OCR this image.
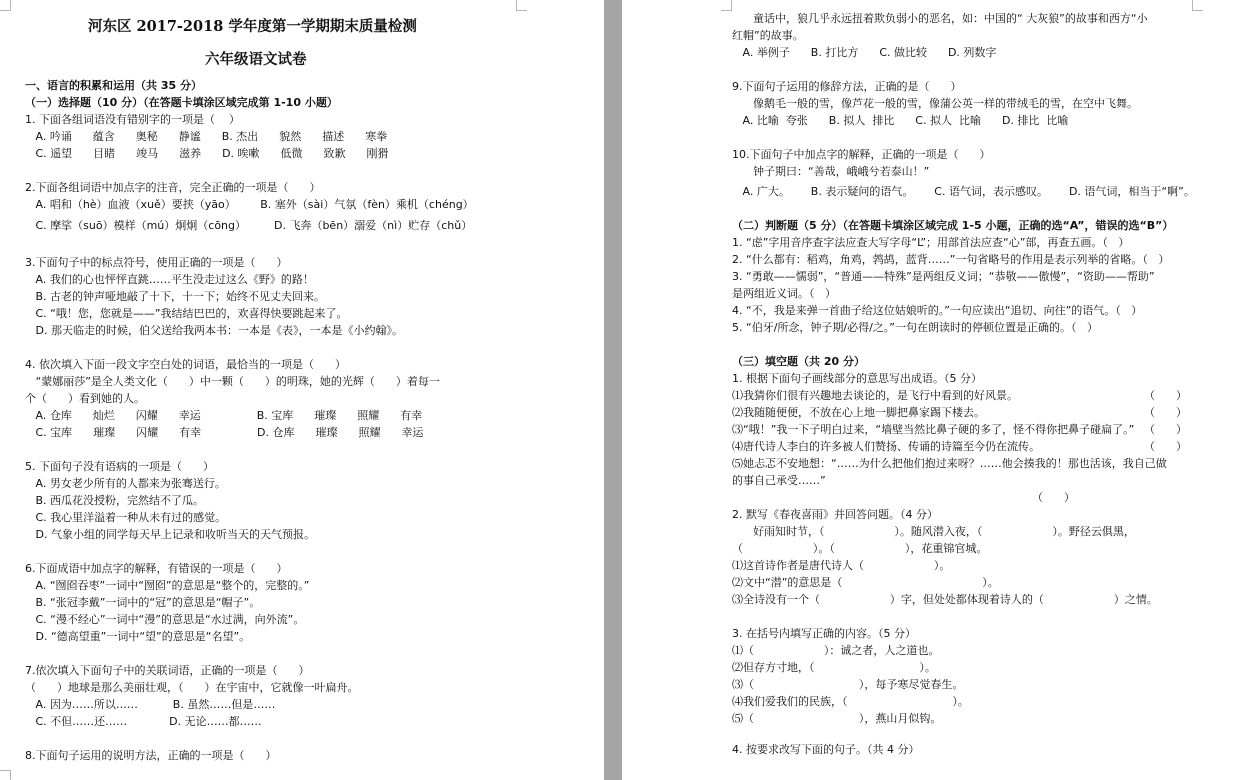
河东区 2017-2018 学年度第一学期期末质量检测
六年级语文试卷
一、语言的积累和运用（共 35 分）
（一）选择题（10 分）（在答题卡填涂区域完成第 1-10 小题）
1. 下面各组词语没有错别字的一项是（    ）
A. 吟诵      蕴含      奥秘      静谧      B. 杰出      貌然      描述      寒拳
C. 遥望      目睹      竣马      滋养      D. 唉嗽      低微      致歉      刚猾
2.下面各组词语中加点字的注音，完全正确的一项是（      ）
A. 唱和（hè）血液（xuě）要挟（yāo）       B. 塞外（sài）气氛（fèn）乘机（chéng）
C. 摩挲（suō）模样（mú）炯炯（cōng）        D. 飞奔（bēn）溺爱（nì）贮存（chǔ）
3.下面句子中的标点符号，使用正确的一项是（      ）
A. 我们的心也怦怦直跳……平生没走过这么《野》的路！
B. 古老的钟声哑地敲了十下，十一下；始终不见丈夫回来。
C. “哦！您，您就是——”我结结巴巴的，欢喜得快要跳起来了。
D. 那天临走的时候，伯父送给我两本书：一本是《表》，一本是《小约翰》。
4. 依次填入下面一段文字空白处的词语，最恰当的一项是（      ）
“蒙娜丽莎”是全人类文化（      ）中一颗（      ）的明珠，她的光辉（      ）着每一
个（      ）看到她的人。
A. 仓库      灿烂      闪耀      幸运                B. 宝库      璀璨      照耀      有幸
C. 宝库      璀璨      闪耀      有幸                D. 仓库      璀璨      照耀      幸运
5. 下面句子没有语病的一项是（      ）
A. 男女老少所有的人都来为张骞送行。
B. 西瓜花没授粉，完然结不了瓜。
C. 我心里洋溢着一种从未有过的感觉。
D. 气象小组的同学每天早上记录和收听当天的天气预报。
6.下面成语中加点字的解释，有错误的一项是（      ）
A. “囫囵吞枣”一词中“囫囵”的意思是“整个的，完整的。”
B. “张冠李戴”一词中的“冠”的意思是“帽子”。
C. “漫不经心”一词中“漫”的意思是“水过满，向外流”。
D. “德高望重”一词中“望”的意思是“名望”。
7.依次填入下面句子中的关联词语，正确的一项是（      ）
（      ）地球是那么美丽壮观，（      ）在宇宙中，它就像一叶扁舟。
A. 因为……所以……          B. 虽然……但是……
C. 不但……还……            D. 无论……都……
8.下面句子运用的说明方法，正确的一项是（      ）
童话中，狼几乎永远扭着欺负弱小的恶名，如：中国的“ 大灰狼”的故事和西方“小
红帽”的故事。
A. 举例子      B. 打比方      C. 做比较      D. 列数字
9.下面句子运用的修辞方法，正确的是（      ）
像鹅毛一般的雪，像芦花一般的雪，像蒲公英一样的带绒毛的雪，在空中飞舞。
A. 比喻  夸张      B. 拟人  排比      C. 拟人  比喻      D. 排比  比喻
10.下面句子中加点字的解释，正确的一项是（      ）
钟子期曰：“善哉，峨峨兮若泰山！”
A. 广大。      B. 表示疑问的语气。      C. 语气词，表示感叹。      D. 语气词，相当于“啊”。
（二）判断题（5 分）（在答题卡填涂区域完成 1-5 小题，正确的选“A”，错误的选“B”）
1. “虑”字用音序查字法应查大写字母“L”；用部首法应查“心”部，再查五画。（   ）
2. “什么都有：稻鸡，角鸡，鹁鸪，蓝背……”一句省略号的作用是表示列举的省略。（   ）
3. “勇敢——懦弱”，“普通——特殊”是两组反义词；“恭敬——傲慢”，“资助——帮助”
是两组近义词。（   ）
4. “不，我是来弹一首曲子给这位姑娘听的。”一句应读出“追切、向往”的语气。（   ）
5. “伯牙/所念，钟子期/必得/之。”一句在朗读时的停顿位置是正确的。（   ）
（三）填空题（共 20 分）
1. 根据下面句子画线部分的意思写出成语。（5 分）
⑴我猜你们很有兴趣地去谈论的，是飞行中看到的好风景。	（      ）
⑵我随随便便，不放在心上地一脚把鼻家踢下楼去。	（      ）
⑶“哦！”我一下子明白过来，“墙壁当然比鼻子硬的多了，怪不得你把鼻子碰扁了。” （      ）
⑷唐代诗人李白的许多被人们赞扬、传诵的诗篇至今仍在流传。	（      ）
⑸她忐忑不安地想：“……为什么把他们抱过来呀？……他会揍我的！那也活该，我自己做
的事自己承受……”
（      ）
2. 默写《春夜喜雨》并回答问题。（4 分）
好雨知时节，（                    ）。随风潜入夜，（                    ）。野径云俱黑，
（                    ）。（                    ），花重锦官城。
⑴这首诗作者是唐代诗人（                    ）。
⑵文中“潜”的意思是（                                        ）。
⑶全诗没有一个（                    ）字，但处处都体现着诗人的（                    ）之情。
3. 在括号内填写正确的内容。（5 分）
⑴（                    ）：诚之者，人之道也。
⑵但存方寸地，（                              ）。
⑶（                              ），每予寒尽觉春生。
⑷我们爱我们的民族，（                              ）。
⑸（                              ），燕山月似钩。
4. 按要求改写下面的句子。（共 4 分）
